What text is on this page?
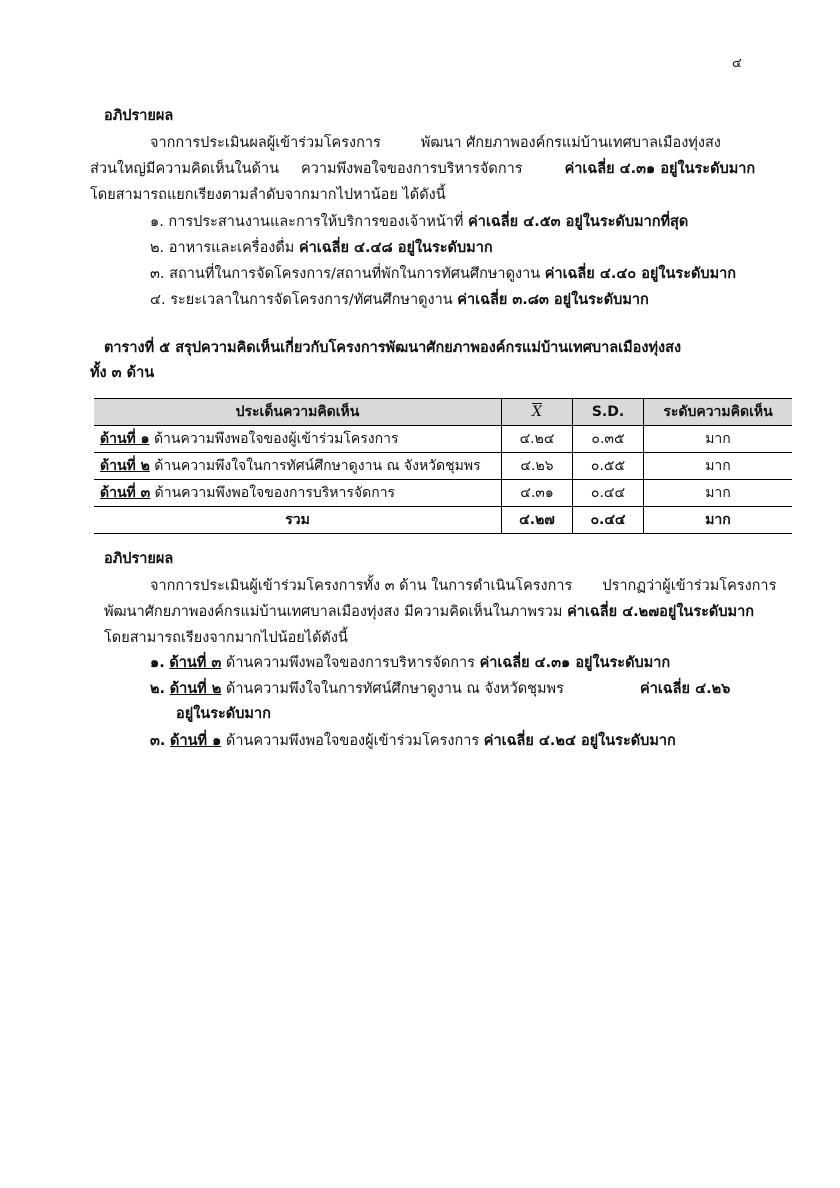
๔
อภิปรายผล
จากการประเมินผลผู้เข้าร่วมโครงการ	พัฒนา ศักยภาพองค์กรแม่บ้านเทศบาลเมืองทุ่งสง
ส่วนใหญ่มีความคิดเห็นในด้าน ความพึงพอใจของการบริหารจัดการ	ค่าเฉลี่ย ๔.๓๑ อยู่ในระดับมาก
โดยสามารถแยกเรียงตามลำดับจากมากไปหาน้อย ได้ดังนี้
๑. การประสานงานและการให้บริการของเจ้าหน้าที่ ค่าเฉลี่ย ๔.๕๓ อยู่ในระดับมากที่สุด
๒. อาหารและเครื่องดื่ม ค่าเฉลี่ย ๔.๔๘ อยู่ในระดับมาก
๓. สถานที่ในการจัดโครงการ/สถานที่พักในการทัศนศึกษาดูงาน ค่าเฉลี่ย ๔.๔๐ อยู่ในระดับมาก
๔. ระยะเวลาในการจัดโครงการ/ทัศนศึกษาดูงาน ค่าเฉลี่ย ๓.๘๓ อยู่ในระดับมาก
ตารางที่ ๕ สรุปความคิดเห็นเกี่ยวกับโครงการพัฒนาศักยภาพองค์กรแม่บ้านเทศบาลเมืองทุ่งสง
ทั้ง ๓ ด้าน
ประเด็นความคิดเห็น	$\overline{X}$	S.D.	ระดับความคิดเห็น
ด้านที่ ๑ ด้านความพึงพอใจของผู้เข้าร่วมโครงการ	๔.๒๔	๐.๓๕	มาก
ด้านที่ ๒ ด้านความพึงใจในการทัศน์ศึกษาดูงาน ณ จังหวัดชุมพร	๔.๒๖	๐.๕๕	มาก
ด้านที่ ๓ ด้านความพึงพอใจของการบริหารจัดการ	๔.๓๑	๐.๔๔	มาก
รวม	๔.๒๗	๐.๔๔	มาก
อภิปรายผล
จากการประเมินผู้เข้าร่วมโครงการทั้ง ๓ ด้าน ในการดำเนินโครงการ ปรากฏว่าผู้เข้าร่วมโครงการ
พัฒนาศักยภาพองค์กรแม่บ้านเทศบาลเมืองทุ่งสง มีความคิดเห็นในภาพรวม ค่าเฉลี่ย ๔.๒๗อยู่ในระดับมาก
โดยสามารถเรียงจากมากไปน้อยได้ดังนี้
๑. ด้านที่ ๓ ด้านความพึงพอใจของการบริหารจัดการ ค่าเฉลี่ย ๔.๓๑ อยู่ในระดับมาก
๒. ด้านที่ ๒ ด้านความพึงใจในการทัศน์ศึกษาดูงาน ณ จังหวัดชุมพร	ค่าเฉลี่ย ๔.๒๖
อยู่ในระดับมาก
๓. ด้านที่ ๑ ด้านความพึงพอใจของผู้เข้าร่วมโครงการ ค่าเฉลี่ย ๔.๒๔ อยู่ในระดับมาก
